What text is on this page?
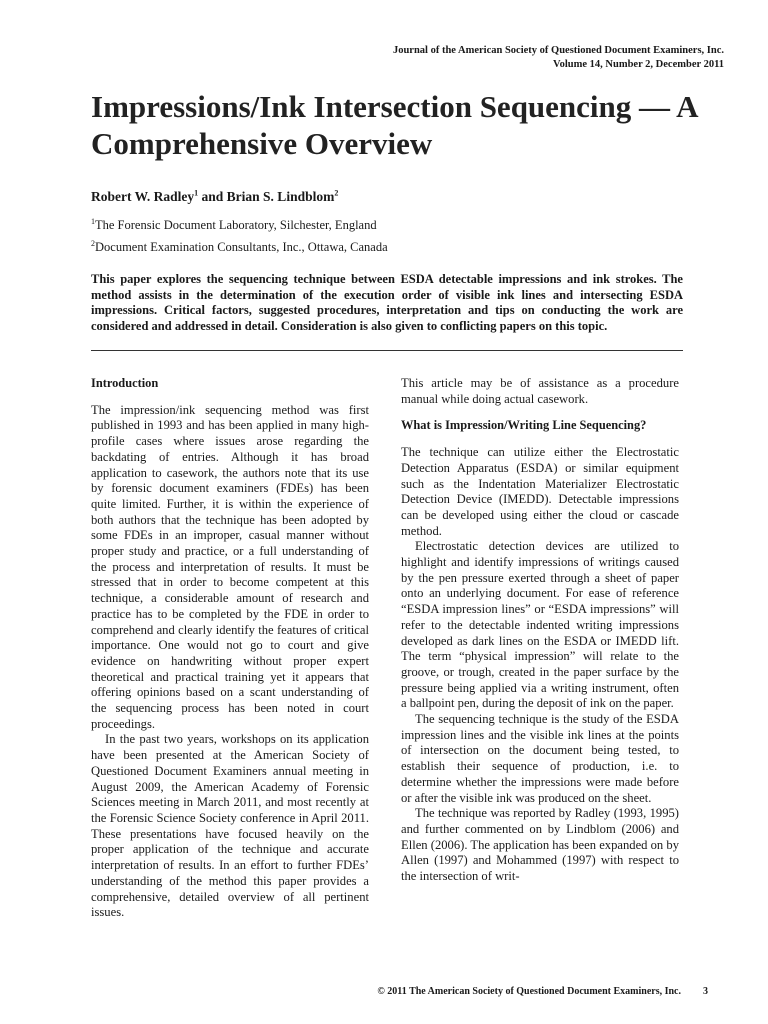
Journal of the American Society of Questioned Document Examiners, Inc.
Volume 14, Number 2, December 2011
Impressions/Ink Intersection Sequencing — A Comprehensive Overview
Robert W. Radley$^1$ and Brian S. Lindblom$^2$
$^1$The Forensic Document Laboratory, Silchester, England
$^2$Document Examination Consultants, Inc., Ottawa, Canada

This paper explores the sequencing technique between ESDA detectable impressions and ink strokes. The method assists in the determination of the execution order of visible ink lines and intersecting ESDA impressions. Critical factors, suggested procedures, interpretation and tips on conducting the work are considered and addressed in detail. Consideration is also given to conflicting papers on this topic.

Introduction

The impression/ink sequencing method was first published in 1993 and has been applied in many high-profile cases where issues arose regarding the backdating of entries. Although it has broad application to casework, the authors note that its use by forensic document examiners (FDEs) has been quite limited. Further, it is within the experience of both authors that the technique has been adopted by some FDEs in an improper, casual manner without proper study and practice, or a full understanding of the process and interpretation of results. It must be stressed that in order to become competent at this technique, a considerable amount of research and practice has to be completed by the FDE in order to comprehend and clearly identify the features of critical importance. One would not go to court and give evidence on handwriting without proper expert theoretical and practical training yet it appears that offering opinions based on a scant understanding of the sequencing process has been noted in court proceedings.

In the past two years, workshops on its application have been presented at the American Society of Questioned Document Examiners annual meeting in August 2009, the American Academy of Forensic Sciences meeting in March 2011, and most recently at the Forensic Science Society conference in April 2011. These presentations have focused heavily on the proper application of the technique and accurate interpretation of results. In an effort to further FDEs’ understanding of the method this paper provides a comprehensive, detailed overview of all pertinent issues.

This article may be of assistance as a procedure manual while doing actual casework.

What is Impression/Writing Line Sequencing?

The technique can utilize either the Electrostatic Detection Apparatus (ESDA) or similar equipment such as the Indentation Materializer Electrostatic Detection Device (IMEDD). Detectable impressions can be developed using either the cloud or cascade method.

Electrostatic detection devices are utilized to highlight and identify impressions of writings caused by the pen pressure exerted through a sheet of paper onto an underlying document. For ease of reference “ESDA impression lines” or “ESDA impressions” will refer to the detectable indented writing impressions developed as dark lines on the ESDA or IMEDD lift. The term “physical impression” will relate to the groove, or trough, created in the paper surface by the pressure being applied via a writing instrument, often a ballpoint pen, during the deposit of ink on the paper.

The sequencing technique is the study of the ESDA impression lines and the visible ink lines at the points of intersection on the document being tested, to establish their sequence of production, i.e. to determine whether the impressions were made before or after the visible ink was produced on the sheet.

The technique was reported by Radley (1993, 1995) and further commented on by Lindblom (2006) and Ellen (2006). The application has been expanded on by Allen (1997) and Mohammed (1997) with respect to the intersection of writ-

© 2011 The American Society of Questioned Document Examiners, Inc. 3
